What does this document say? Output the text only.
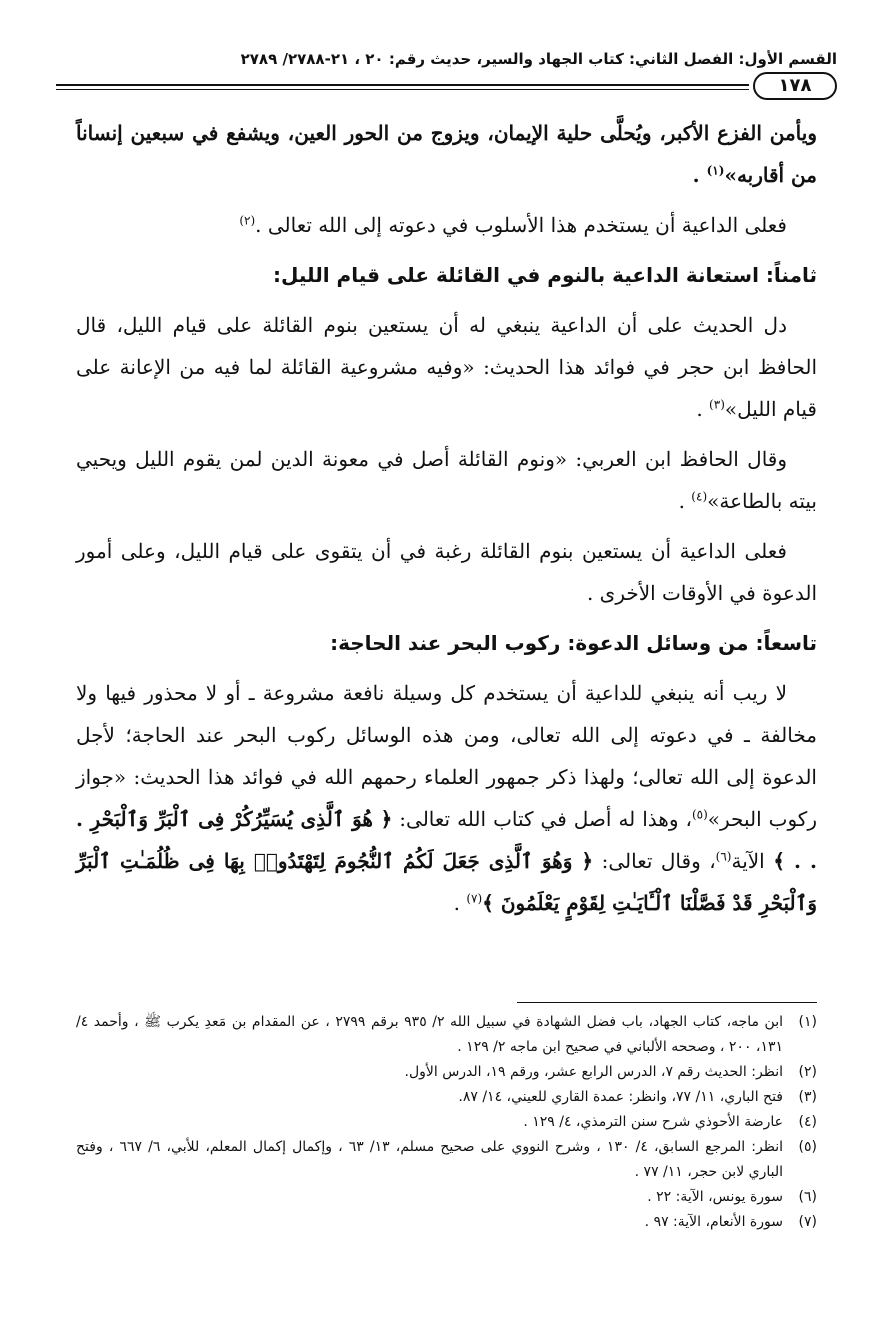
القسم الأول: الفصل الثاني: كتاب الجهاد والسير، حديث رقم: ٢٠ ، ٢١-٢٧٨٨/ ٢٧٨٩
١٧٨

ويأمن الفزع الأكبر، ويُحلَّى حلية الإيمان، ويزوج من الحور العين، ويشفع في سبعين إنساناً من أقاربه»$^{(١)}$ .

فعلى الداعية أن يستخدم هذا الأسلوب في دعوته إلى الله تعالى .$^{(٢)}$

ثامناً: استعانة الداعية بالنوم في القائلة على قيام الليل:

دل الحديث على أن الداعية ينبغي له أن يستعين بنوم القائلة على قيام الليل، قال الحافظ ابن حجر في فوائد هذا الحديث: «وفيه مشروعية القائلة لما فيه من الإعانة على قيام الليل»$^{(٣)}$ .

وقال الحافظ ابن العربي: «ونوم القائلة أصل في معونة الدين لمن يقوم الليل ويحيي بيته بالطاعة»$^{(٤)}$ .

فعلى الداعية أن يستعين بنوم القائلة رغبة في أن يتقوى على قيام الليل، وعلى أمور الدعوة في الأوقات الأخرى .

تاسعاً: من وسائل الدعوة: ركوب البحر عند الحاجة:

لا ريب أنه ينبغي للداعية أن يستخدم كل وسيلة نافعة مشروعة ـ أو لا محذور فيها ولا مخالفة ـ في دعوته إلى الله تعالى، ومن هذه الوسائل ركوب البحر عند الحاجة؛ لأجل الدعوة إلى الله تعالى؛ ولهذا ذكر جمهور العلماء رحمهم الله في فوائد هذا الحديث: «جواز ركوب البحر»$^{(٥)}$، وهذا له أصل في كتاب الله تعالى: ﴿ هُوَ ٱلَّذِى يُسَيِّرُكُرْ فِى ٱلْبَرِّ وَٱلْبَحْرِ . . . ﴾ الآية$^{(٦)}$، وقال تعالى: ﴿ وَهُوَ ٱلَّذِى جَعَلَ لَكُمُ ٱلنُّجُومَ لِتَهْتَدُوا۟ بِهَا فِى ظُلُمَـٰتِ ٱلْبَرِّ وَٱلْبَحْرِ قَدْ فَصَّلْنَا ٱلْـَٔايَـٰتِ لِقَوْمٍ يَعْلَمُونَ ﴾$^{(٧)}$ .

(١)
ابن ماجه، كتاب الجهاد، باب فضل الشهادة في سبيل الله ٢/ ٩٣٥ برقم ٢٧٩٩ ، عن المقدام بن مَعدِ يكرب ﷺ ، وأحمد ٤/ ١٣١، ٢٠٠ ، وصححه الألباني في صحيح ابن ماجه ٢/ ١٢٩ .
(٢)
انظر: الحديث رقم ٧، الدرس الرابع عشر، ورقم ١٩، الدرس الأول.
(٣)
فتح الباري، ١١/ ٧٧، وانظر: عمدة القاري للعيني، ١٤/ ٨٧.
(٤)
عارضة الأحوذي شرح سنن الترمذي، ٤/ ١٢٩ .
(٥)
انظر: المرجع السابق، ٤/ ١٣٠ ، وشرح النووي على صحيح مسلم، ١٣/ ٦٣ ، وإكمال إكمال المعلم، للأبي، ٦/ ٦٦٧ ، وفتح الباري لابن حجر، ١١/ ٧٧ .
(٦)
سورة يونس، الآية: ٢٢ .
(٧)
سورة الأنعام، الآية: ٩٧ .
